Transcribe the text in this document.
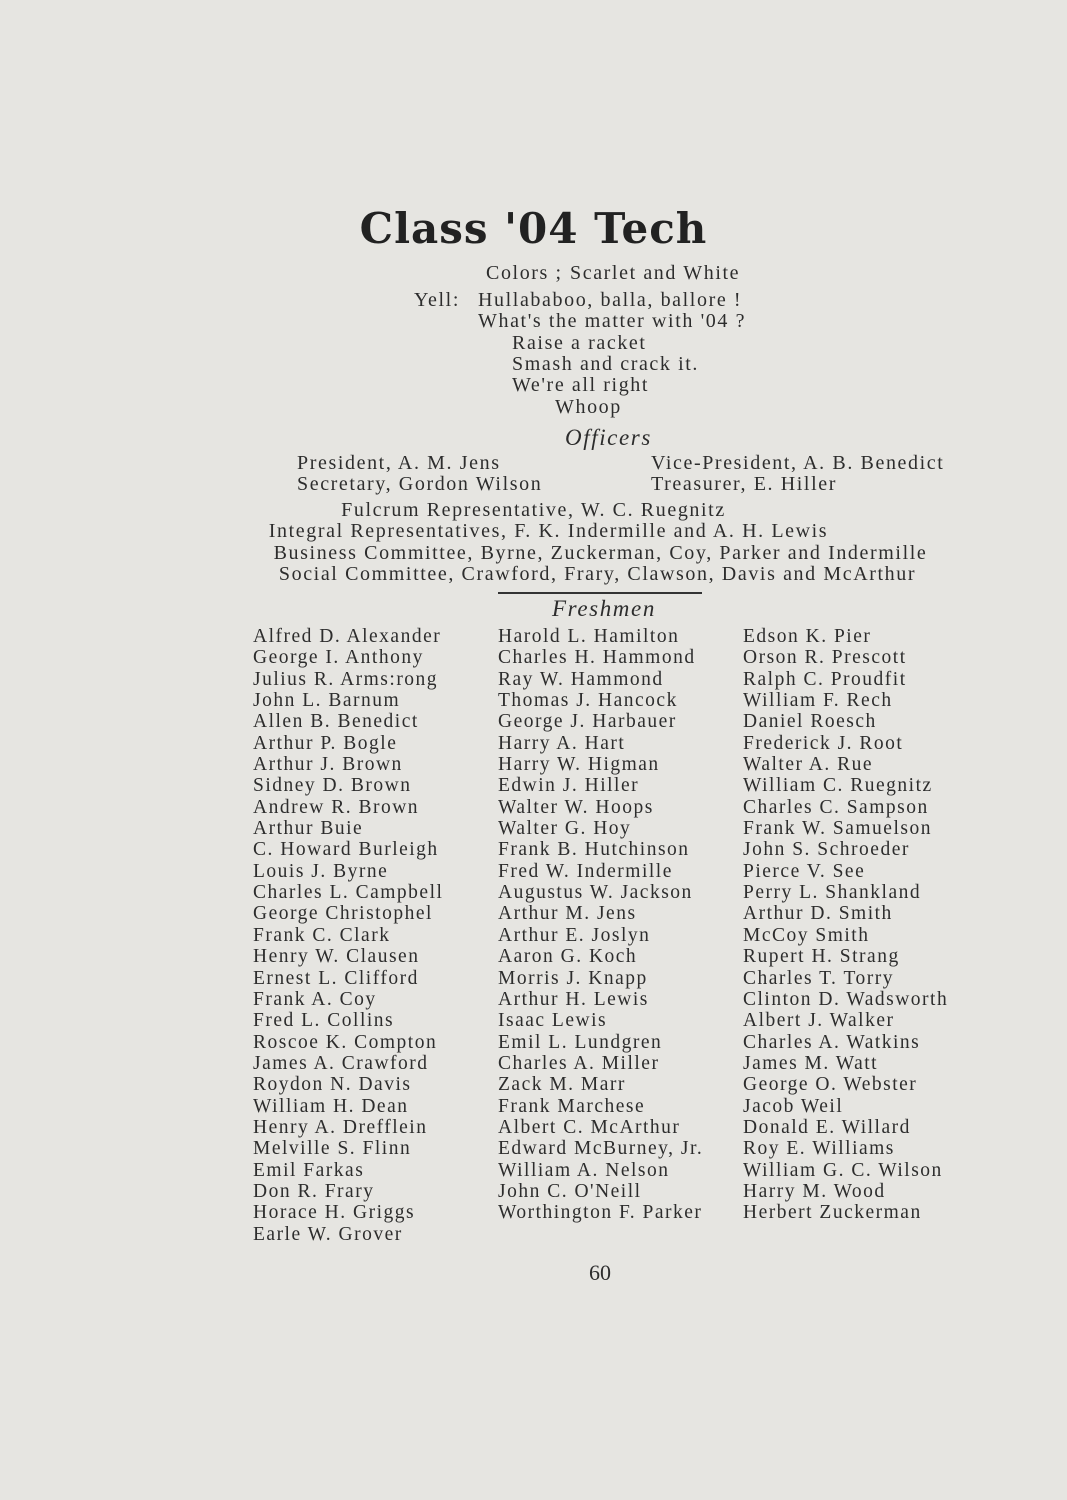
Class '04 Tech
Colors ; Scarlet and White
Yell: Hullababoo, balla, ballore !
What's the matter with '04 ?
Raise a racket
Smash and crack it.
We're all right
Whoop
Officers
President, A. M. Jens	Vice-President, A. B. Benedict
Secretary, Gordon Wilson	Treasurer, E. Hiller
Fulcrum Representative, W. C. Ruegnitz
Integral Representatives, F. K. Indermille and A. H. Lewis
Business Committee, Byrne, Zuckerman, Coy, Parker and Indermille
Social Committee, Crawford, Frary, Clawson, Davis and McArthur
Freshmen
Alfred D. Alexander
George I. Anthony
Julius R. Arms:rong
John L. Barnum
Allen B. Benedict
Arthur P. Bogle
Arthur J. Brown
Sidney D. Brown
Andrew R. Brown
Arthur Buie
C. Howard Burleigh
Louis J. Byrne
Charles L. Campbell
George Christophel
Frank C. Clark
Henry W. Clausen
Ernest L. Clifford
Frank A. Coy
Fred L. Collins
Roscoe K. Compton
James A. Crawford
Roydon N. Davis
William H. Dean
Henry A. Drefflein
Melville S. Flinn
Emil Farkas
Don R. Frary
Horace H. Griggs
Earle W. Grover
Harold L. Hamilton
Charles H. Hammond
Ray W. Hammond
Thomas J. Hancock
George J. Harbauer
Harry A. Hart
Harry W. Higman
Edwin J. Hiller
Walter W. Hoops
Walter G. Hoy
Frank B. Hutchinson
Fred W. Indermille
Augustus W. Jackson
Arthur M. Jens
Arthur E. Joslyn
Aaron G. Koch
Morris J. Knapp
Arthur H. Lewis
Isaac Lewis
Emil L. Lundgren
Charles A. Miller
Zack M. Marr
Frank Marchese
Albert C. McArthur
Edward McBurney, Jr.
William A. Nelson
John C. O'Neill
Worthington F. Parker
Edson K. Pier
Orson R. Prescott
Ralph C. Proudfit
William F. Rech
Daniel Roesch
Frederick J. Root
Walter A. Rue
William C. Ruegnitz
Charles C. Sampson
Frank W. Samuelson
John S. Schroeder
Pierce V. See
Perry L. Shankland
Arthur D. Smith
McCoy Smith
Rupert H. Strang
Charles T. Torry
Clinton D. Wadsworth
Albert J. Walker
Charles A. Watkins
James M. Watt
George O. Webster
Jacob Weil
Donald E. Willard
Roy E. Williams
William G. C. Wilson
Harry M. Wood
Herbert Zuckerman
60
